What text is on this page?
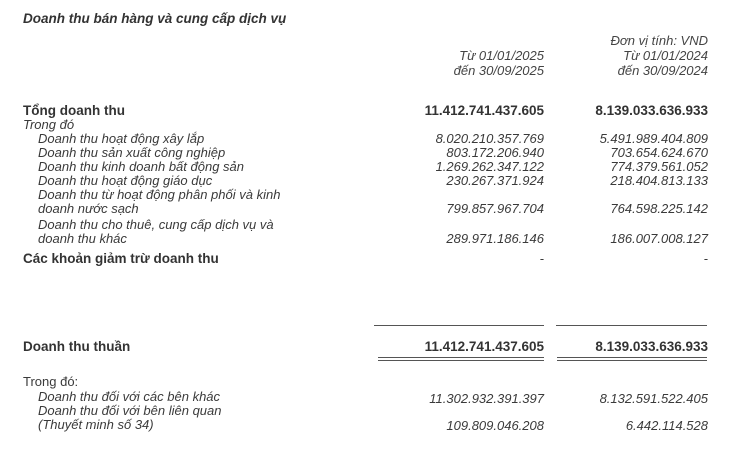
Doanh thu bán hàng và cung cấp dịch vụ
Đơn vị tính: VND
Từ 01/01/2025
đến 30/09/2025
Từ 01/01/2024
đến 30/09/2024
Tổng doanh thu	11.412.741.437.605	8.139.033.636.933
Trong đó
Doanh thu hoạt động xây lắp	8.020.210.357.769	5.491.989.404.809
Doanh thu sản xuất công nghiệp	803.172.206.940	703.654.624.670
Doanh thu kinh doanh bất động sản	1.269.262.347.122	774.379.561.052
Doanh thu hoạt động giáo dục	230.267.371.924	218.404.813.133
Doanh thu từ hoạt động phân phối và kinh
doanh nước sạch	799.857.967.704	764.598.225.142
Doanh thu cho thuê, cung cấp dịch vụ và
doanh thu khác	289.971.186.146	186.007.008.127
Các khoản giảm trừ doanh thu	-	-
Doanh thu thuần	11.412.741.437.605	8.139.033.636.933
Trong đó:
Doanh thu đối với các bên khác	11.302.932.391.397	8.132.591.522.405
Doanh thu đối với bên liên quan
(Thuyết minh số 34)	109.809.046.208	6.442.114.528
